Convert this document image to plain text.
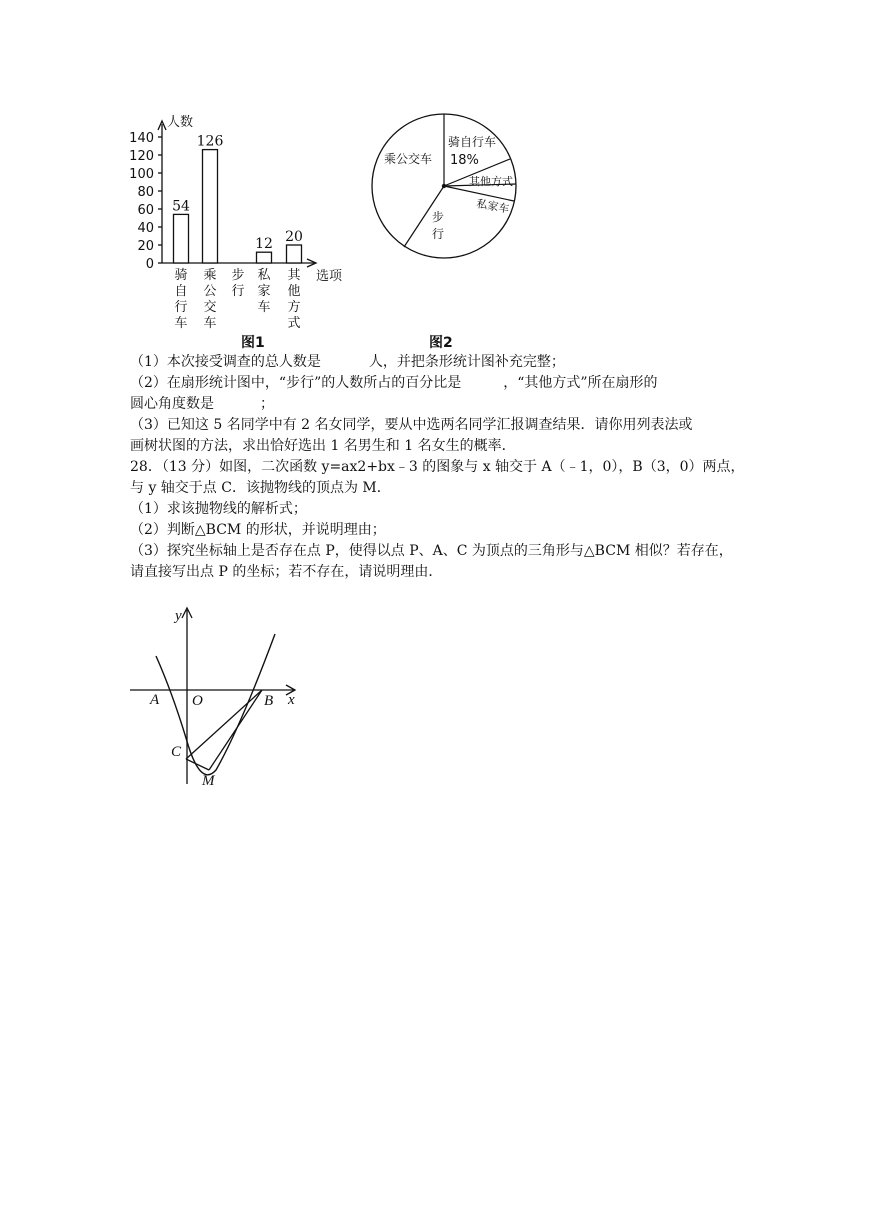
人数
选项
0
20
40
60
80
100
120
140
54
126
12 20
骑
自
行
车
乘
公
交
车
步
行
私
家
车
其
他
方
式
图1
骑自行车
18%
乘公交车
步
行
其他方式
私家车
图2

（1）本次接受调查的总人数是	人，并把条形统计图补充完整；

（2）在扇形统计图中，“步行”的人数所占的百分比是	，“其他方式”所在扇形的

圆心角度数是	；

（3）已知这 5 名同学中有 2 名女同学，要从中选两名同学汇报调查结果．请你用列表法或

画树状图的方法，求出恰好选出 1 名男生和 1 名女生的概率．

28．（13 分）如图，二次函数 y=ax2+bx﹣3 的图象与 x 轴交于 A（﹣1，0），B（3，0）两点，

与 y 轴交于点 C．该抛物线的顶点为 M．

（1）求该抛物线的解析式；

（2）判断△BCM 的形状，并说明理由；

（3）探究坐标轴上是否存在点 P，使得以点 P、A、C 为顶点的三角形与△BCM 相似？若存在，

请直接写出点 P 的坐标；若不存在，请说明理由．

y
x
A O	B
C
M
